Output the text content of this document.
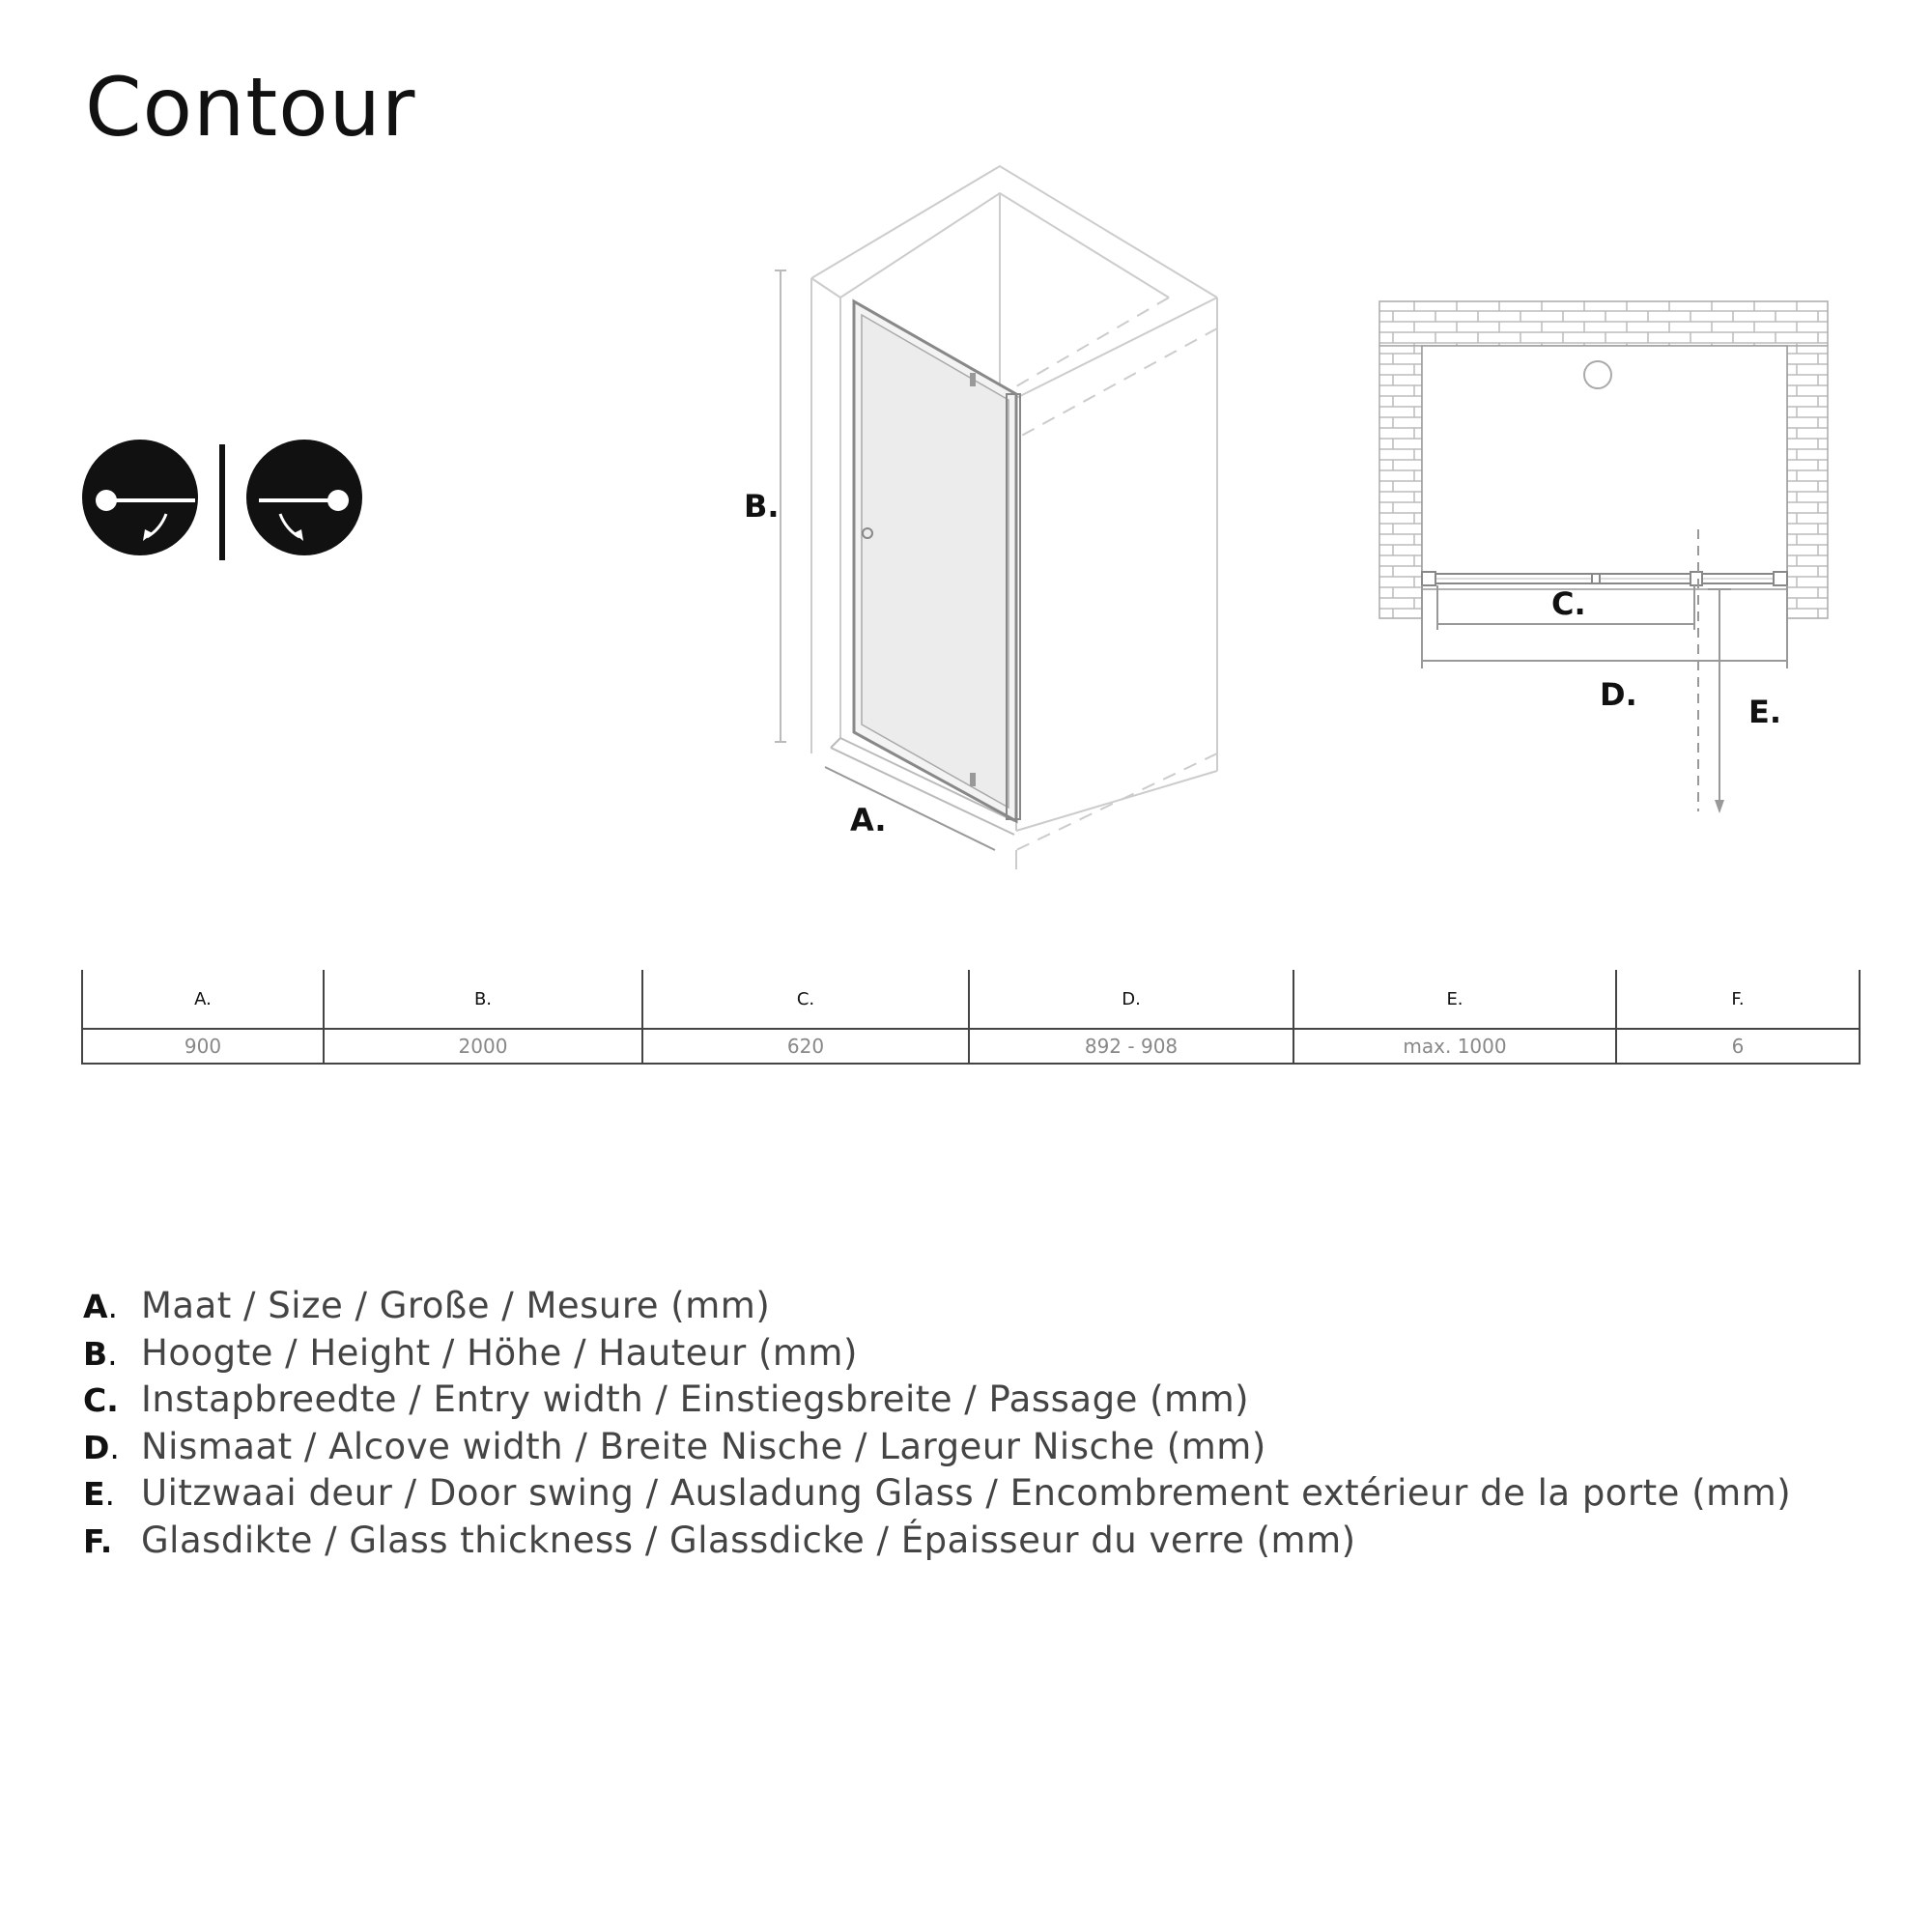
Contour
B.
A.
C.
D.	E.
A.	B.	C.	D.	E.	F.
900	2000	620	892 - 908	max. 1000	6
A. Maat / Size / Große / Mesure (mm)
B. Hoogte / Height / Höhe / Hauteur (mm)
C. Instapbreedte / Entry width / Einstiegsbreite / Passage (mm)
D. Nismaat / Alcove width / Breite Nische / Largeur Nische (mm)
E. Uitzwaai deur / Door swing / Ausladung Glass / Encombrement extérieur de la porte (mm)
F. Glasdikte / Glass thickness / Glassdicke / Épaisseur du verre (mm)
